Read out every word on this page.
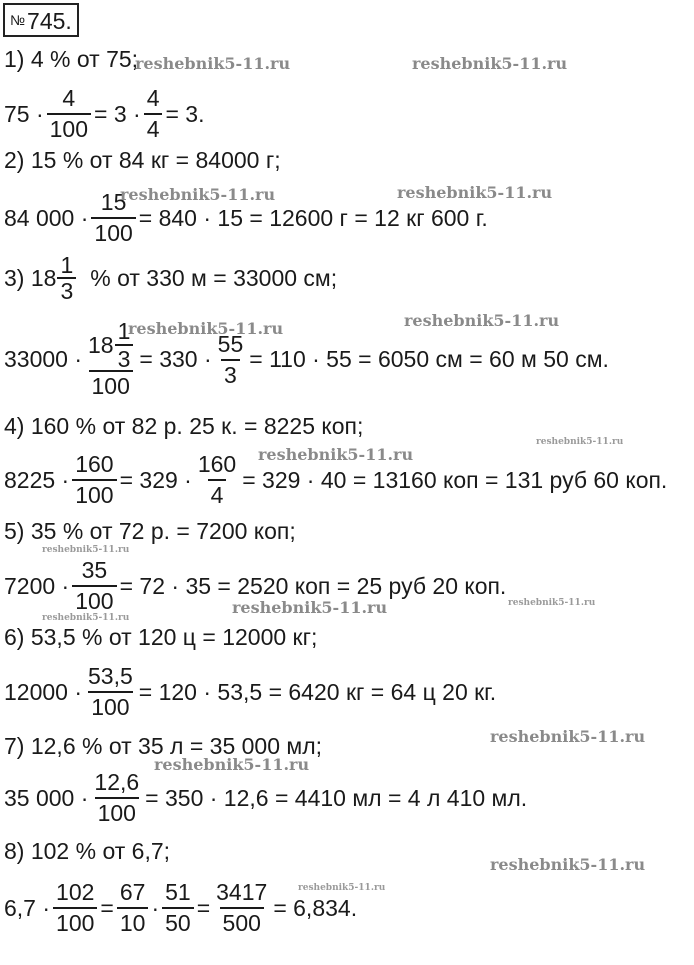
№745.
1) 4 % от 75;
$75 \cdot \frac{4}{100} = 3 \cdot \frac{4}{4} = 3$.
2) 15 % от 84 кг = 84000 г;
84 $000 \cdot \frac{15}{100} = 840 \cdot 15 = 12600$ г = 12 кг 600 г.
3) $18 \frac{1}{3}$ % от 330 м = 33000 см;
$33000 \cdot \frac{18 \frac{1}{3}}{100} = 330 \cdot \frac{55}{3} = 110 \cdot 55 = 6050$ см = 60 м 50 см.
4) 160 % от 82 р. 25 к. = 8225 коп;
$8225 \cdot \frac{160}{100} = 329 \cdot \frac{160}{4} = 329 \cdot 40 = 13160$ коп = 131 руб 60 коп.
5) 35 % от 72 р. = 7200 коп;
$7200 \cdot \frac{35}{100} = 72 \cdot 35 = 2520$ коп = 25 руб 20 коп.
6) 53,5 % от 120 ц = 12000 кг;
$12000 \cdot \frac{53,5}{100} = 120 \cdot 53,5 = 6420$ кг = 64 ц 20 кг.
7) 12,6 % от 35 л = 35 000 мл;
35 $000 \cdot \frac{12,6}{100} = 350 \cdot 12,6 = 4410$ мл = 4 л 410 мл.
8) 102 % от 6,7;
$6,7 \cdot \frac{102}{100} = \frac{67}{10} \cdot \frac{51}{50} = \frac{3417}{500} = 6,834$.
reshebnik5-11.ru	reshebnik5-11.ru
reshebnik5-11.ru	reshebnik5-11.ru
reshebnik5-11.ru	reshebnik5-11.ru
reshebnik5-11.ru
reshebnik5-11.ru
reshebnik5-11.ru
reshebnik5-11.ru
reshebnik5-11.ru
reshebnik5-11.ru
reshebnik5-11.ru
reshebnik5-11.ru
reshebnik5-11.ru
reshebnik5-11.ru
